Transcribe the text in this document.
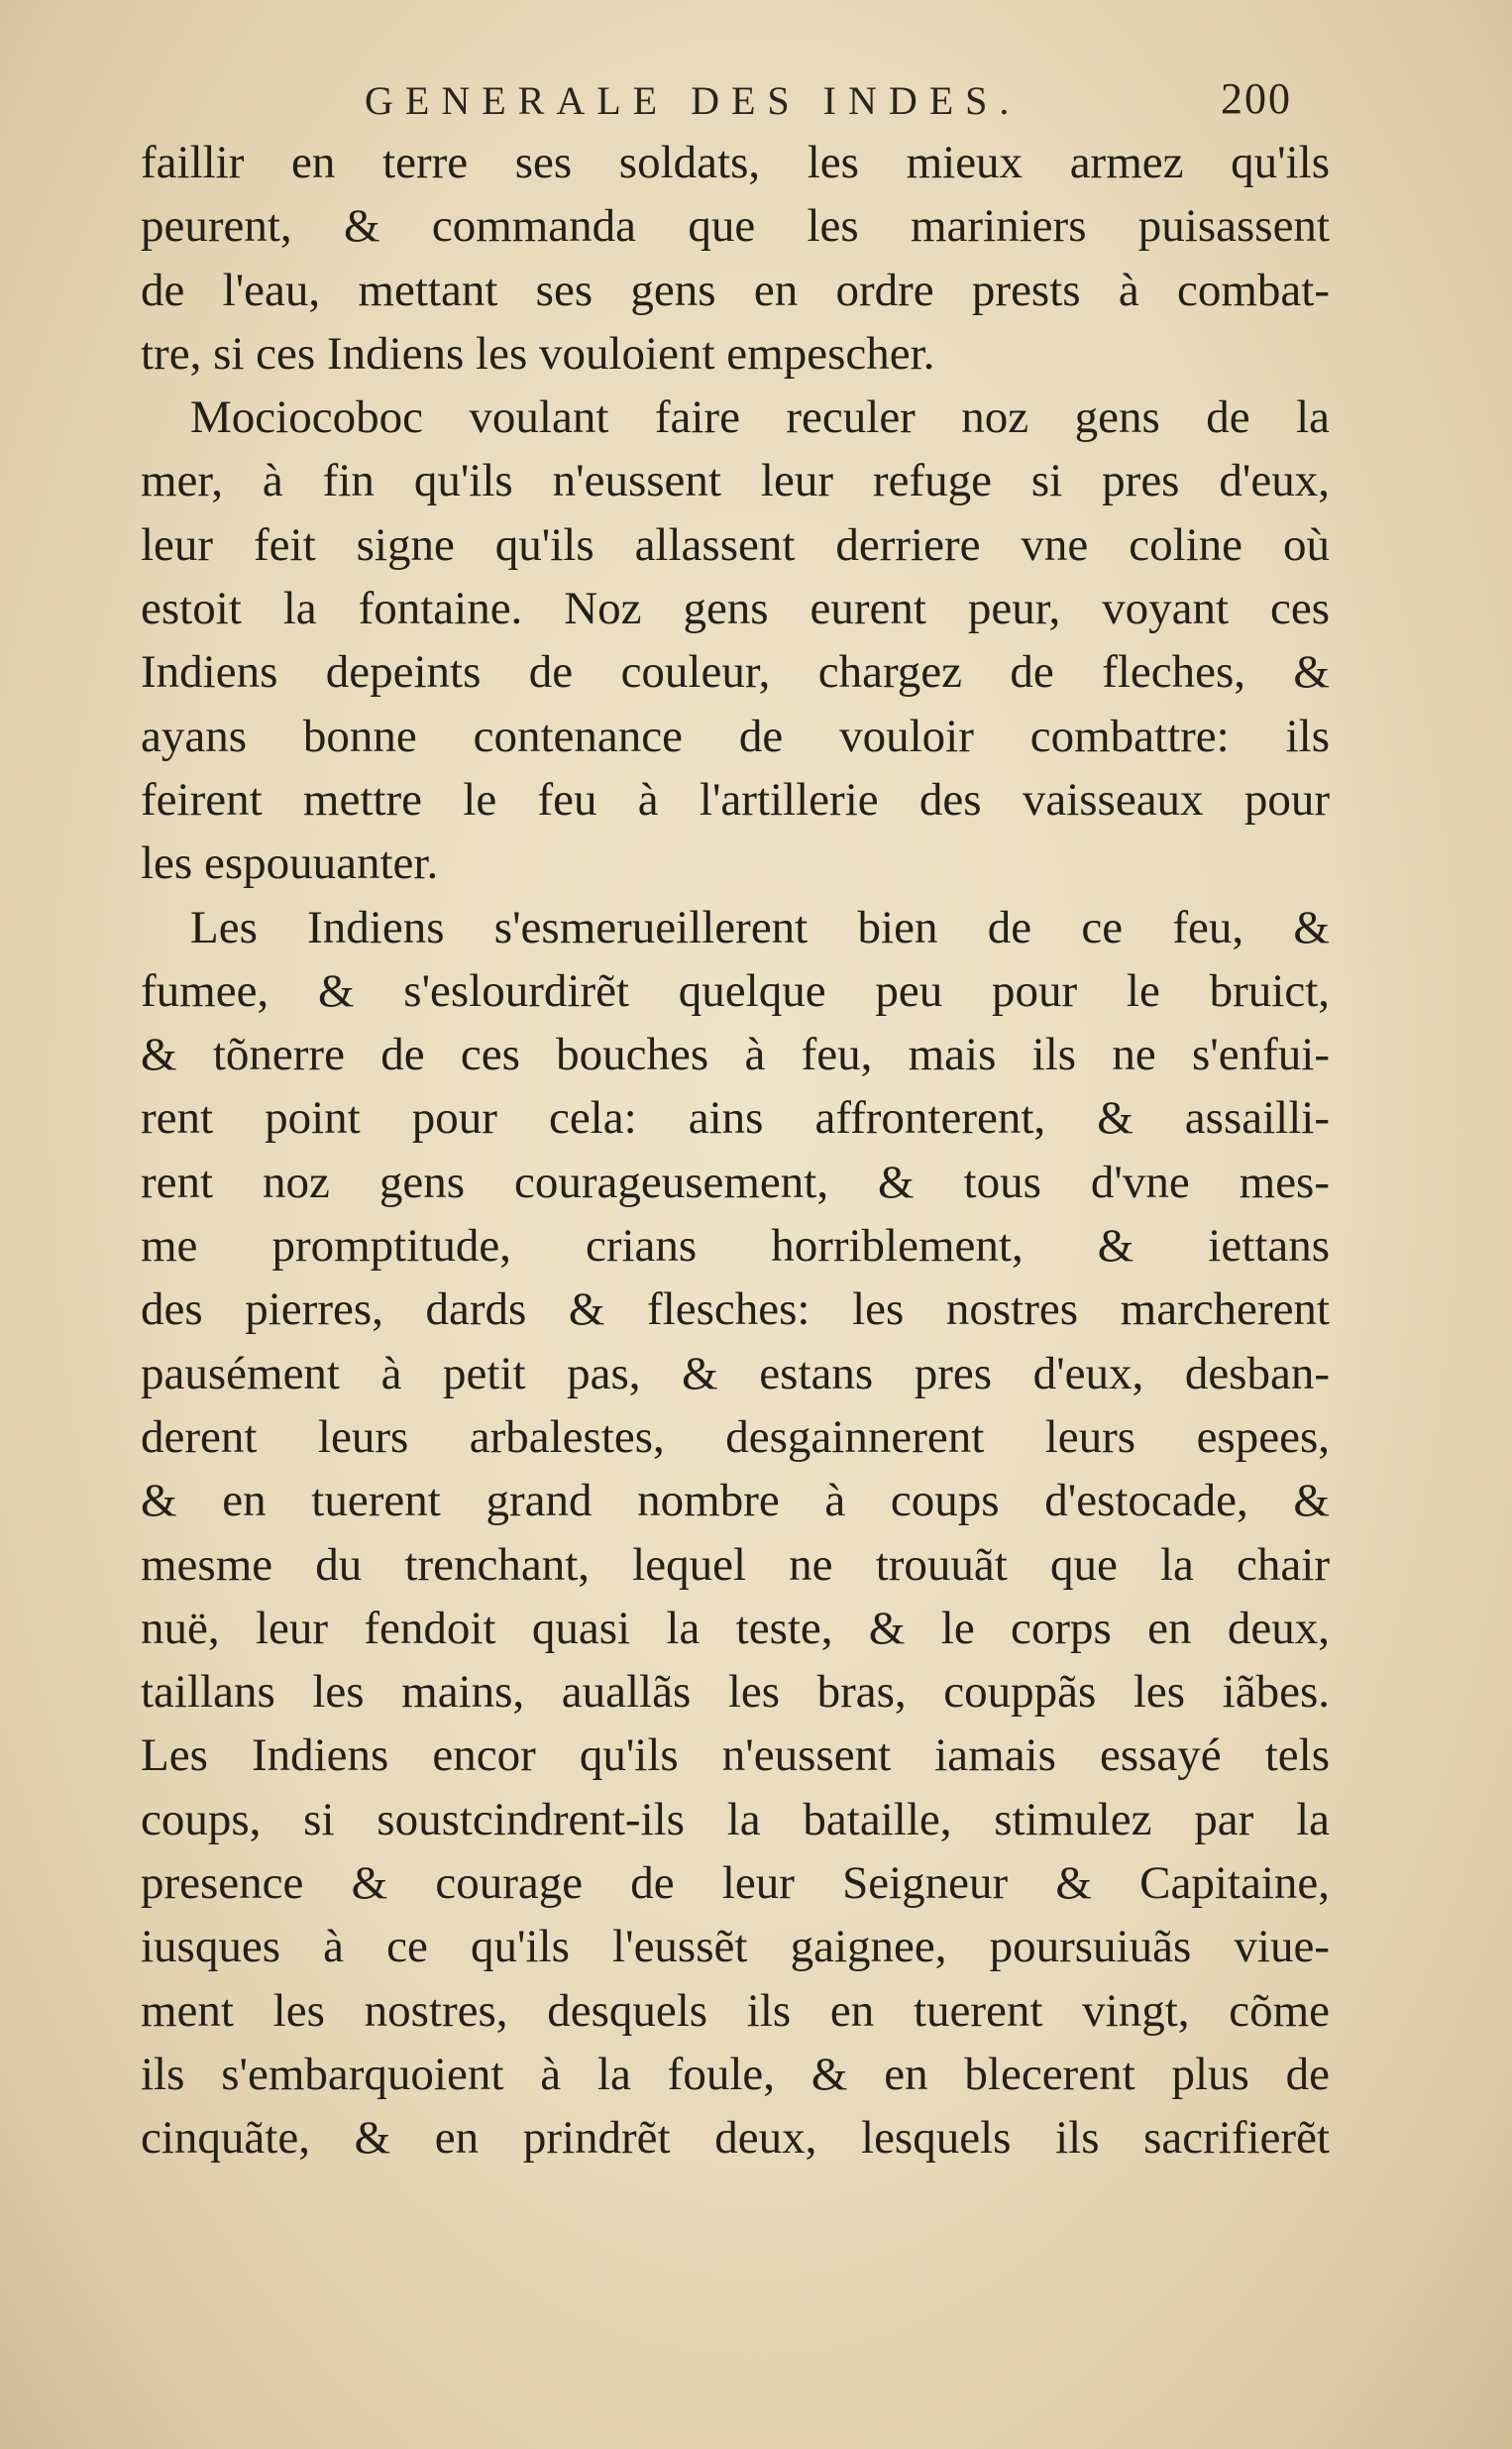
GENERALE DES INDES.	200
faillir en terre ses soldats, les mieux armez qu'ils
peurent, & commanda que les mariniers puisassent
de l'eau, mettant ses gens en ordre prests à combat-
tre, si ces Indiens les vouloient empescher.
Mociocoboc voulant faire reculer noz gens de la
mer, à fin qu'ils n'eussent leur refuge si pres d'eux,
leur feit signe qu'ils allassent derriere vne coline où
estoit la fontaine. Noz gens eurent peur, voyant ces
Indiens depeints de couleur, chargez de fleches, &
ayans bonne contenance de vouloir combattre: ils
feirent mettre le feu à l'artillerie des vaisseaux pour
les espouuanter.
Les Indiens s'esmerueillerent bien de ce feu, &
fumee, & s'eslourdirẽt quelque peu pour le bruict,
& tõnerre de ces bouches à feu, mais ils ne s'enfui-
rent point pour cela: ains affronterent, & assailli-
rent noz gens courageusement, & tous d'vne mes-
me promptitude, crians horriblement, & iettans
des pierres, dards & flesches: les nostres marcherent
pausément à petit pas, & estans pres d'eux, desban-
derent leurs arbalestes, desgainnerent leurs espees,
& en tuerent grand nombre à coups d'estocade, &
mesme du trenchant, lequel ne trouuãt que la chair
nuë, leur fendoit quasi la teste, & le corps en deux,
taillans les mains, auallãs les bras, couppãs les iãbes.
Les Indiens encor qu'ils n'eussent iamais essayé tels
coups, si soustcindrent-ils la bataille, stimulez par la
presence & courage de leur Seigneur & Capitaine,
iusques à ce qu'ils l'eussẽt gaignee, poursuiuãs viue-
ment les nostres, desquels ils en tuerent vingt, cõme
ils s'embarquoient à la foule, & en blecerent plus de
cinquãte, & en prindrẽt deux, lesquels ils sacrifierẽt
